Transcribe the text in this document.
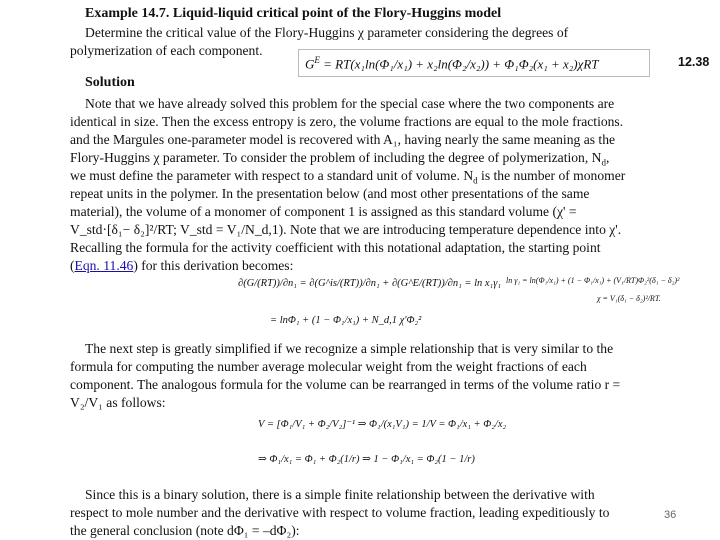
Example 14.7. Liquid-liquid critical point of the Flory-Huggins model
Determine the critical value of the Flory-Huggins χ parameter considering the degrees of
polymerization of each component.
$G^E = RT(x_1\ln(\Phi_1/x_1) + x_2\ln(\Phi_2/x_2)) + \Phi_1\Phi_2(x_1 + x_2)\chi RT$	12.38
Solution
Note that we have already solved this problem for the special case where the two components are
identical in size. Then the excess entropy is zero, the volume fractions are equal to the mole fractions.
and the Margules one-parameter model is recovered with A₁, having nearly the same meaning as the
Flory-Huggins χ parameter. To consider the problem of including the degree of polymerization, $N_d$,
we must define the parameter with respect to a standard unit of volume. $N_d$ is the number of monomer
repeat units in the polymer. In the presentation below (and most other presentations of the same
material), the volume of a monomer of component 1 is assigned as this standard volume (χ' =
V_std·[δ₁− δ₂]²/RT; V_std = V₁/N_d,1). Note that we are introducing temperature dependence into χ'.
Recalling the formula for the activity coefficient with this notational adaptation, the starting point
(Eqn. 11.46) for this derivation becomes:
ln γ₁ = ln(Φ₁/x₁) + (1 − Φ₁/x₁) + (V₁/RT)Φ₂²(δ₁ − δ₂)²
χ = V₁(δ₁ − δ₂)²/RT.
∂(G/(RT))/∂n₁ = ∂(G^is/(RT))/∂n₁ + ∂(G^E/(RT))/∂n₁ = ln x₁γ₁
= lnΦ₁ + (1 − Φ₁/x₁) + N_d,1 χ'Φ₂²
The next step is greatly simplified if we recognize a simple relationship that is very similar to the
formula for computing the number average molecular weight from the weight fractions of each
component. The analogous formula for the volume can be rearranged in terms of the volume ratio r =
V₂/V₁ as follows:
V = [Φ₁/V₁ + Φ₂/V₂]⁻¹ ⇒ Φ₁/(x₁V₁) = 1/V = Φ₁/x₁ + Φ₂/x₂
⇒ Φ₁/x₁ = Φ₁ + Φ₂(1/r) ⇒ 1 − Φ₁/x₁ = Φ₂(1 − 1/r)
Since this is a binary solution, there is a simple finite relationship between the derivative with
respect to mole number and the derivative with respect to volume fraction, leading expeditiously to
the general conclusion (note dΦ₁ = –dΦ₂):
36
